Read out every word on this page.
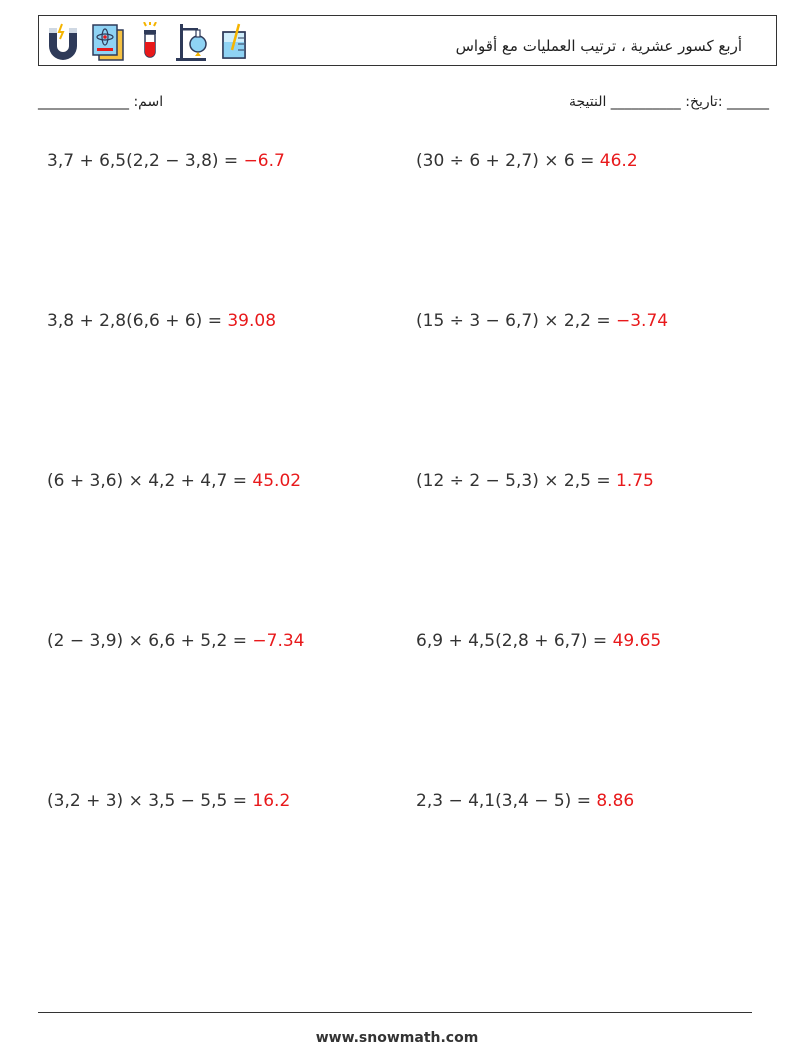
أربع كسور عشرية ، ترتيب العمليات مع أقواس
اسم: _____________	______ :تاريخ: __________ النتيجة
3,7 + 6,5(2,2 − 3,8) = −6.7	(30 ÷ 6 + 2,7) × 6 = 46.2
3,8 + 2,8(6,6 + 6) = 39.08	(15 ÷ 3 − 6,7) × 2,2 = −3.74
(6 + 3,6) × 4,2 + 4,7 = 45.02	(12 ÷ 2 − 5,3) × 2,5 = 1.75
(2 − 3,9) × 6,6 + 5,2 = −7.34	6,9 + 4,5(2,8 + 6,7) = 49.65
(3,2 + 3) × 3,5 − 5,5 = 16.2	2,3 − 4,1(3,4 − 5) = 8.86
www.snowmath.com
